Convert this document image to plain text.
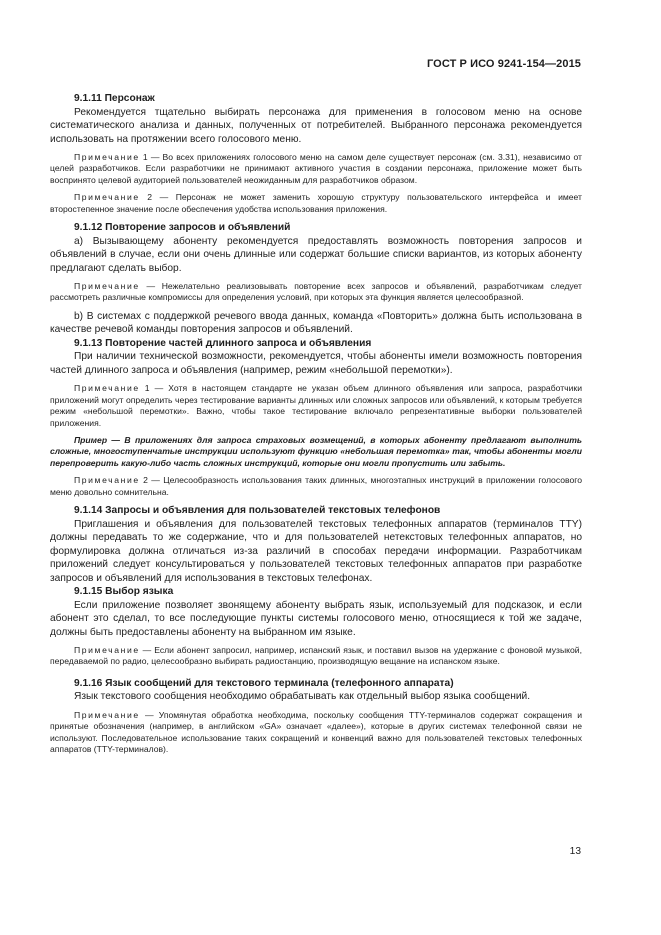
ГОСТ Р ИСО 9241-154—2015

9.1.11 Персонаж

Рекомендуется тщательно выбирать персонажа для применения в голосовом меню на основе систематического анализа и данных, полученных от потребителей. Выбранного персонажа рекомендуется использовать на протяжении всего голосового меню.

Примечание 1 — Во всех приложениях голосового меню на самом деле существует персонаж (см. 3.31), независимо от целей разработчиков. Если разработчики не принимают активного участия в создании персонажа, приложение может быть воспринято целевой аудиторией пользователей неожиданным для разработчиков образом.

Примечание 2 — Персонаж не может заменить хорошую структуру пользовательского интерфейса и имеет второстепенное значение после обеспечения удобства использования приложения.

9.1.12 Повторение запросов и объявлений

а) Вызывающему абоненту рекомендуется предоставлять возможность повторения запросов и объявлений в случае, если они очень длинные или содержат большие списки вариантов, из которых абоненту предлагают сделать выбор.

Примечание — Нежелательно реализовывать повторение всех запросов и объявлений, разработчикам следует рассмотреть различные компромиссы для определения условий, при которых эта функция является целесообразной.

b) В системах с поддержкой речевого ввода данных, команда «Повторить» должна быть использована в качестве речевой команды повторения запросов и объявлений.

9.1.13 Повторение частей длинного запроса и объявления

При наличии технической возможности, рекомендуется, чтобы абоненты имели возможность повторения частей длинного запроса и объявления (например, режим «небольшой перемотки»).

Примечание 1 — Хотя в настоящем стандарте не указан объем длинного объявления или запроса, разработчики приложений могут определить через тестирование варианты длинных или сложных запросов или объявлений, к которым требуется режим «небольшой перемотки». Важно, чтобы такое тестирование включало репрезентативные выборки пользователей приложения.

Пример — В приложениях для запроса страховых возмещений, в которых абоненту предлагают выполнить сложные, многоступенчатые инструкции используют функцию «небольшая перемотка» так, чтобы абоненты могли перепроверить какую-либо часть сложных инструкций, которые они могли пропустить или забыть.

Примечание 2 — Целесообразность использования таких длинных, многоэтапных инструкций в приложении голосового меню довольно сомнительна.

9.1.14 Запросы и объявления для пользователей текстовых телефонов

Приглашения и объявления для пользователей текстовых телефонных аппаратов (терминалов TTY) должны передавать то же содержание, что и для пользователей нетекстовых телефонных аппаратов, но формулировка должна отличаться из-за различий в способах передачи информации. Разработчикам приложений следует консультироваться у пользователей текстовых телефонных аппаратов при разработке запросов и объявлений для использования в текстовых телефонах.

9.1.15 Выбор языка

Если приложение позволяет звонящему абоненту выбрать язык, используемый для подсказок, и если абонент это сделал, то все последующие пункты системы голосового меню, относящиеся к той же задаче, должны быть предоставлены абоненту на выбранном им языке.

Примечание — Если абонент запросил, например, испанский язык, и поставил вызов на удержание с фоновой музыкой, передаваемой по радио, целесообразно выбирать радиостанцию, производящую вещание на испанском языке.

9.1.16 Язык сообщений для текстового терминала (телефонного аппарата)

Язык текстового сообщения необходимо обрабатывать как отдельный выбор языка сообщений.

Примечание — Упомянутая обработка необходима, поскольку сообщения TTY-терминалов содержат сокращения и принятые обозначения (например, в английском «GA» означает «далее»), которые в других системах телефонной связи не используют. Последовательное использование таких сокращений и конвенций важно для пользователей текстовых телефонных аппаратов (TTY-терминалов).

13
